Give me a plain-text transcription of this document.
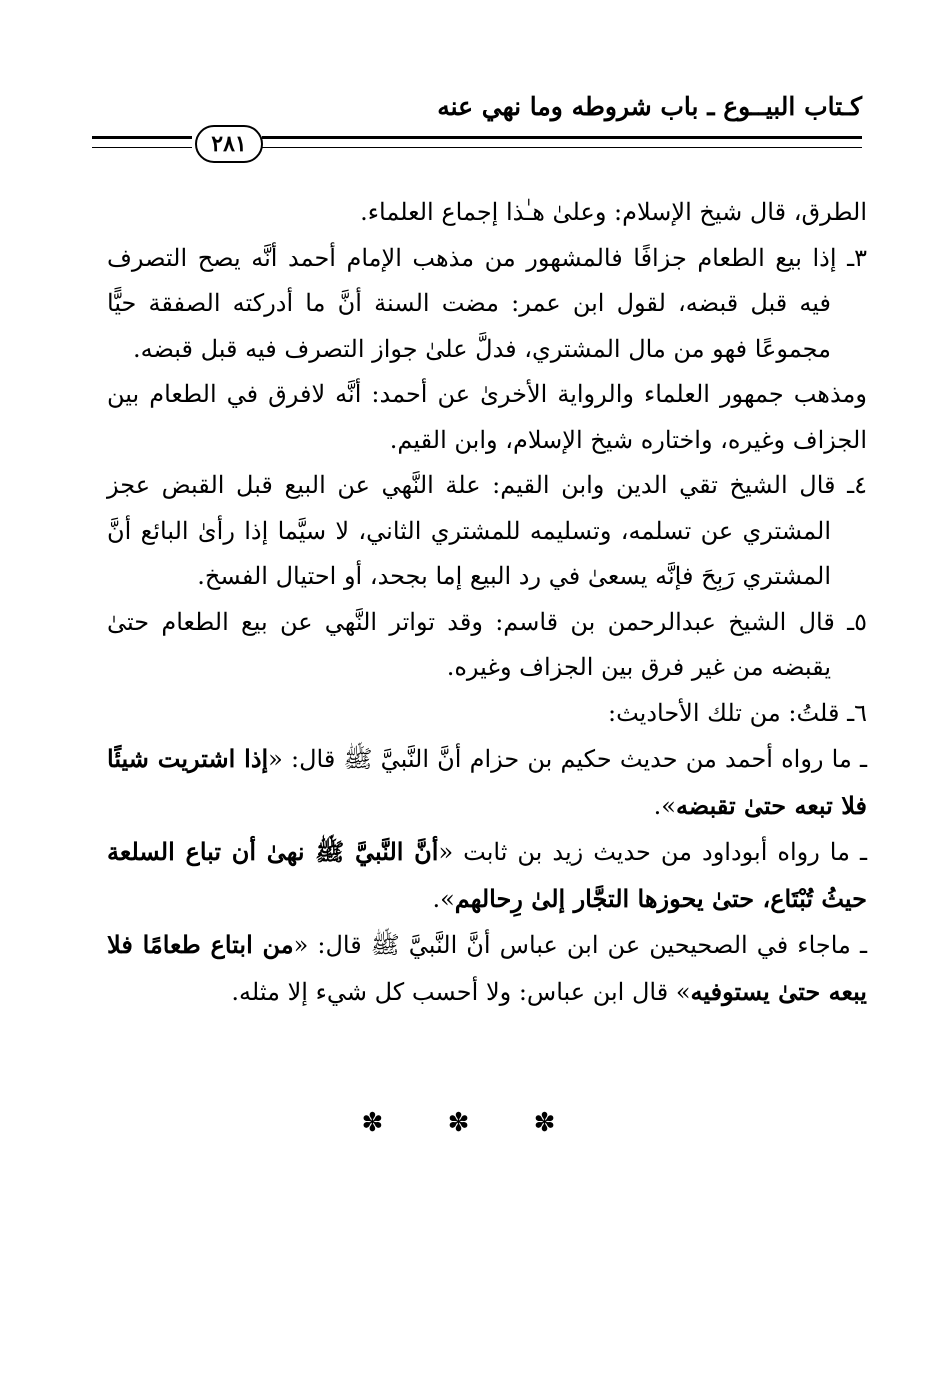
كـتاب البيــوع ـ باب شروطه وما نهي عنه
٢٨١

الطرق، قال شيخ الإسلام: وعلىٰ هـٰذا إجماع العلماء.

٣ـ إذا بيع الطعام جزافًا فالمشهور من مذهب الإمام أحمد أنَّه يصح التصرف فيه قبل قبضه، لقول ابن عمر: مضت السنة أنَّ ما أدركته الصفقة حيًّا مجموعًا فهو من مال المشتري، فدلَّ علىٰ جواز التصرف فيه قبل قبضه.

ومذهب جمهور العلماء والرواية الأخرىٰ عن أحمد: أنَّه لافرق في الطعام بين الجزاف وغيره، واختاره شيخ الإسلام، وابن القيم.

٤ـ قال الشيخ تقي الدين وابن القيم: علة النَّهي عن البيع قبل القبض عجز المشتري عن تسلمه، وتسليمه للمشتري الثاني، لا سيَّما إذا رأىٰ البائع أنَّ المشتري رَبِحَ فإنَّه يسعىٰ في رد البيع إما بجحد، أو احتيال الفسخ.

٥ـ قال الشيخ عبدالرحمن بن قاسم: وقد تواتر النَّهي عن بيع الطعام حتىٰ يقبضه من غير فرق بين الجزاف وغيره.

٦ـ قلتُ: من تلك الأحاديث:

ـ ما رواه أحمد من حديث حكيم بن حزام أنَّ النَّبيَّ ﷺ قال: «إذا اشتريت شيئًا فلا تبعه حتىٰ تقبضه».

ـ ما رواه أبوداود من حديث زيد بن ثابت «أنَّ النَّبيَّ ﷺ نهىٰ أن تباع السلعة حيثُ تُبْتَاع، حتىٰ يحوزها التجَّار إلىٰ رِحالهم».

ـ ماجاء في الصحيحين عن ابن عباس أنَّ النَّبيَّ ﷺ قال: «من ابتاع طعامًا فلا يبعه حتىٰ يستوفيه» قال ابن عباس: ولا أحسب كل شيء إلا مثله.

✽ ✽ ✽
